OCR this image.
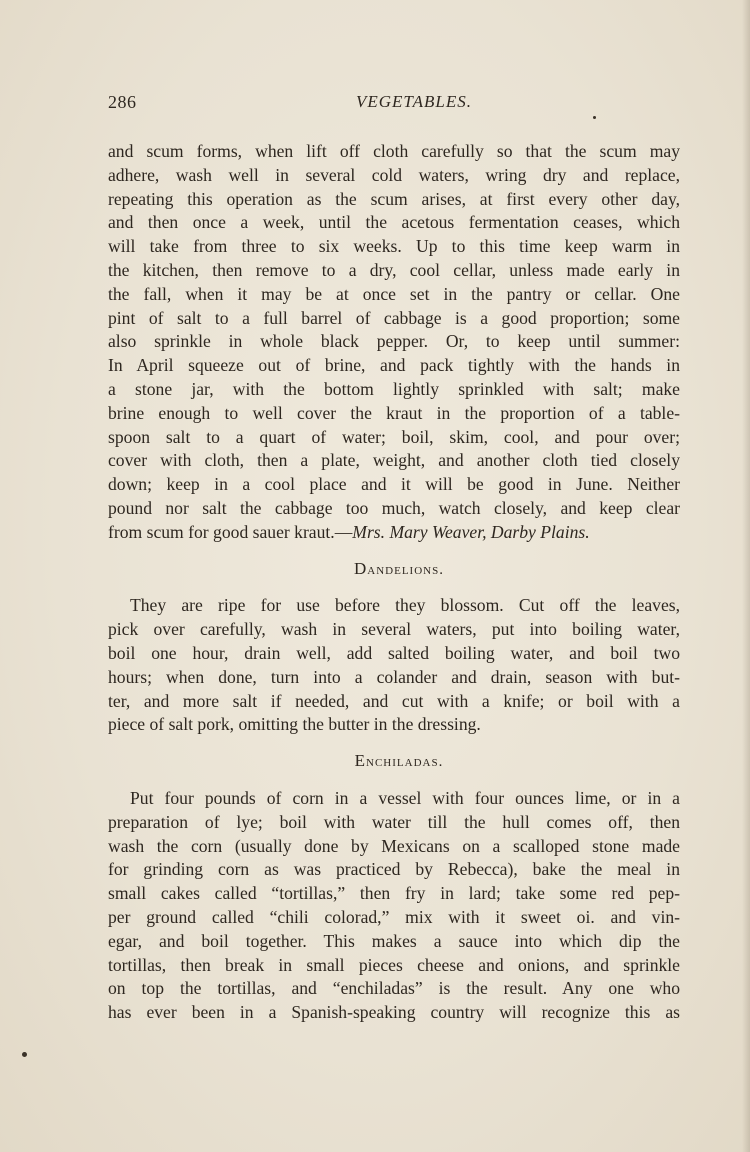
286	VEGETABLES.

and scum forms, when lift off cloth carefully so that the scum may

adhere, wash well in several cold waters, wring dry and replace,

repeating this operation as the scum arises, at first every other day,

and then once a week, until the acetous fermentation ceases, which

will take from three to six weeks. Up to this time keep warm in

the kitchen, then remove to a dry, cool cellar, unless made early in

the fall, when it may be at once set in the pantry or cellar. One

pint of salt to a full barrel of cabbage is a good proportion; some

also sprinkle in whole black pepper. Or, to keep until summer:

In April squeeze out of brine, and pack tightly with the hands in

a stone jar, with the bottom lightly sprinkled with salt; make

brine enough to well cover the kraut in the proportion of a table-

spoon salt to a quart of water; boil, skim, cool, and pour over;

cover with cloth, then a plate, weight, and another cloth tied closely

down; keep in a cool place and it will be good in June. Neither

pound nor salt the cabbage too much, watch closely, and keep clear

from scum for good sauer kraut.—Mrs. Mary Weaver, Darby Plains.

Dandelions.

They are ripe for use before they blossom. Cut off the leaves,

pick over carefully, wash in several waters, put into boiling water,

boil one hour, drain well, add salted boiling water, and boil two

hours; when done, turn into a colander and drain, season with but-

ter, and more salt if needed, and cut with a knife; or boil with a

piece of salt pork, omitting the butter in the dressing.

Enchiladas.

Put four pounds of corn in a vessel with four ounces lime, or in a

preparation of lye; boil with water till the hull comes off, then

wash the corn (usually done by Mexicans on a scalloped stone made

for grinding corn as was practiced by Rebecca), bake the meal in

small cakes called “tortillas,” then fry in lard; take some red pep-

per ground called “chili colorad,” mix with it sweet oi. and vin-

egar, and boil together. This makes a sauce into which dip the

tortillas, then break in small pieces cheese and onions, and sprinkle

on top the tortillas, and “enchiladas” is the result. Any one who

has ever been in a Spanish-speaking country will recognize this as
